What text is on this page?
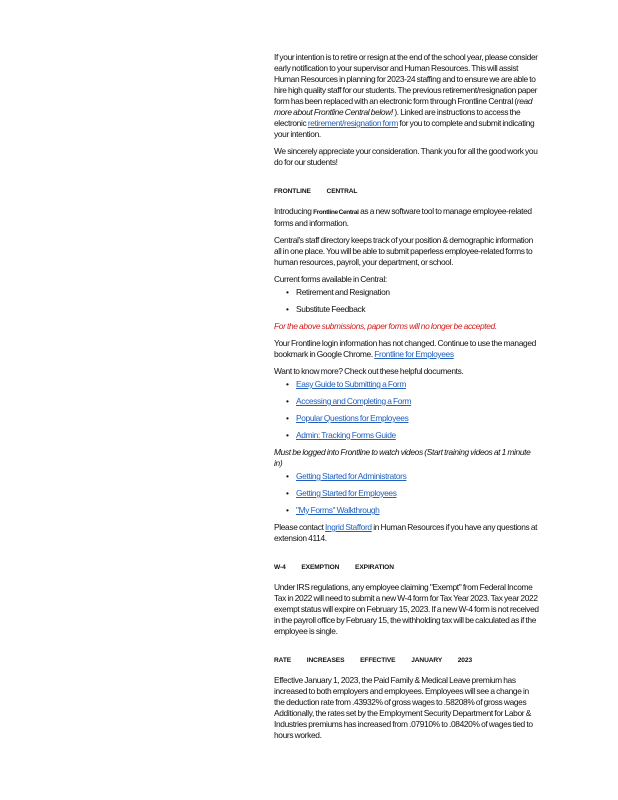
If your intention is to retire or resign at the end of the school year, please consider early notification to your supervisor and Human Resources. This will assist Human Resources in planning for 2023-24 staffing and to ensure we are able to hire high quality staff for our students. The previous retirement/resignation paper form has been replaced with an electronic form through Frontline Central (read more about Frontline Central below! ). Linked are instructions to access the electronic retirement/resignation form for you to complete and submit indicating your intention.

We sincerely appreciate your consideration. Thank you for all the good work you do for our students!

FRONTLINE CENTRAL

Introducing Frontline Central as a new software tool to manage employee-related forms and information.

Central's staff directory keeps track of your position & demographic information all in one place. You will be able to submit paperless employee-related forms to human resources, payroll, your department, or school.

Current forms available in Central:

• Retirement and Resignation
• Substitute Feedback

For the above submissions, paper forms will no longer be accepted.

Your Frontline login information has not changed. Continue to use the managed bookmark in Google Chrome. Frontline for Employees

Want to know more? Check out these helpful documents.

• Easy Guide to Submitting a Form
• Accessing and Completing a Form
• Popular Questions for Employees
• Admin: Tracking Forms Guide

Must be logged into Frontline to watch videos (Start training videos at 1 minute in)

• Getting Started for Administrators
• Getting Started for Employees
• "My Forms" Walkthrough

Please contact Ingrid Stafford in Human Resources if you have any questions at extension 4114.

W-4 EXEMPTION EXPIRATION

Under IRS regulations, any employee claiming "Exempt" from Federal Income Tax in 2022 will need to submit a new W-4 form for Tax Year 2023. Tax year 2022 exempt status will expire on February 15, 2023. If a new W-4 form is not received in the payroll office by February 15, the withholding tax will be calculated as if the employee is single.

RATE INCREASES EFFECTIVE JANUARY 2023

Effective January 1, 2023, the Paid Family & Medical Leave premium has increased to both employers and employees. Employees will see a change in the deduction rate from .43932% of gross wages to .58208% of gross wages Additionally, the rates set by the Employment Security Department for Labor & Industries premiums has increased from .07910% to .08420% of wages tied to hours worked.
